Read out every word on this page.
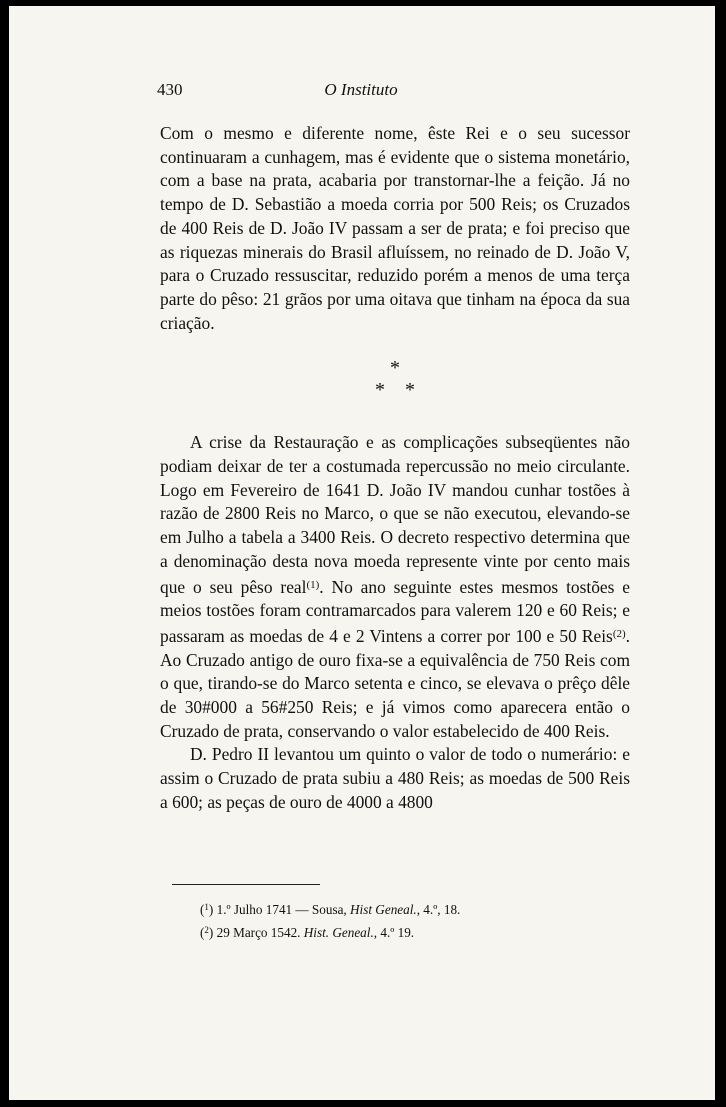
430	O Instituto

Com o mesmo e diferente nome, êste Rei e o seu sucessor continuaram a cunhagem, mas é evidente que o sistema monetário, com a base na prata, acabaria por transtornar-lhe a feição. Já no tempo de D. Sebastião a moeda corria por 500 Reis; os Cruzados de 400 Reis de D. João IV passam a ser de prata; e foi preciso que as riquezas minerais do Brasil afluíssem, no reinado de D. João V, para o Cruzado ressuscitar, reduzido porém a menos de uma terça parte do pêso: 21 grãos por uma oitava que tinham na época da sua criação.

*
* *

A crise da Restauração e as complicações subseqüentes não podiam deixar de ter a costumada repercussão no meio circulante. Logo em Fevereiro de 1641 D. João IV mandou cunhar tostões à razão de 2800 Reis no Marco, o que se não executou, elevando-se em Julho a tabela a 3400 Reis. O decreto respectivo determina que a denominação desta nova moeda represente vinte por cento mais que o seu pêso real$^{(1)}$. No ano seguinte estes mesmos tostões e meios tostões foram contramarcados para valerem 120 e 60 Reis; e passaram as moedas de 4 e 2 Vintens a correr por 100 e 50 Reis$^{(2)}$. Ao Cruzado antigo de ouro fixa-se a equivalência de 750 Reis com o que, tirando-se do Marco setenta e cinco, se elevava o prêço dêle de 30#000 a 56#250 Reis; e já vimos como aparecera então o Cruzado de prata, conservando o valor estabelecido de 400 Reis.

D. Pedro II levantou um quinto o valor de todo o numerário: e assim o Cruzado de prata subiu a 480 Reis; as moedas de 500 Reis a 600; as peças de ouro de 4000 a 4800

($^1$) 1.º Julho 1741 — Sousa, Hist Geneal., 4.º, 18.

($^2$) 29 Março 1542. Hist. Geneal., 4.º 19.
